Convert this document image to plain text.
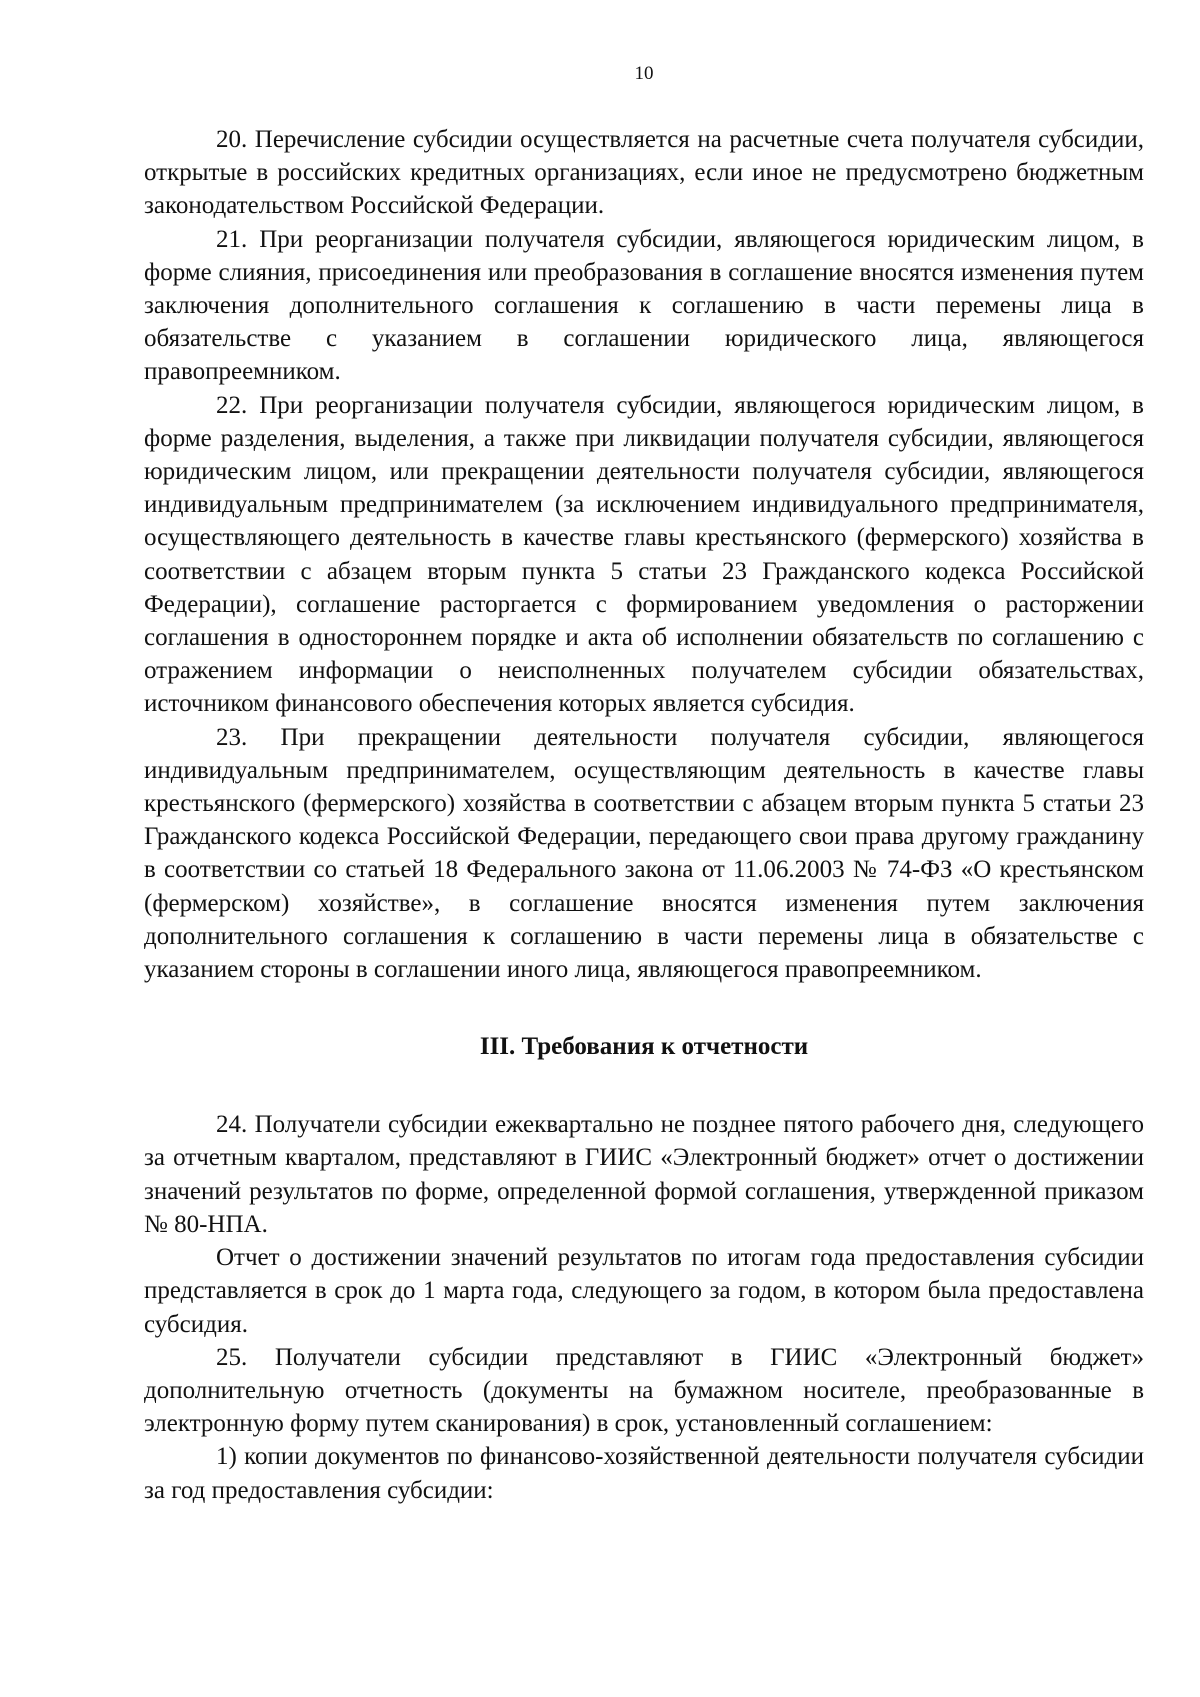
10

20. Перечисление субсидии осуществляется на расчетные счета получателя субсидии, открытые в российских кредитных организациях, если иное не предусмотрено бюджетным законодательством Российской Федерации.

21. При реорганизации получателя субсидии, являющегося юридическим лицом, в форме слияния, присоединения или преобразования в соглашение вносятся изменения путем заключения дополнительного соглашения к соглашению в части перемены лица в обязательстве с указанием в соглашении юридического лица, являющегося правопреемником.

22. При реорганизации получателя субсидии, являющегося юридическим лицом, в форме разделения, выделения, а также при ликвидации получателя субсидии, являющегося юридическим лицом, или прекращении деятельности получателя субсидии, являющегося индивидуальным предпринимателем (за исключением индивидуального предпринимателя, осуществляющего деятельность в качестве главы крестьянского (фермерского) хозяйства в соответствии с абзацем вторым пункта 5 статьи 23 Гражданского кодекса Российской Федерации), соглашение расторгается с формированием уведомления о расторжении соглашения в одностороннем порядке и акта об исполнении обязательств по соглашению с отражением информации о неисполненных получателем субсидии обязательствах, источником финансового обеспечения которых является субсидия.

23. При прекращении деятельности получателя субсидии, являющегося индивидуальным предпринимателем, осуществляющим деятельность в качестве главы крестьянского (фермерского) хозяйства в соответствии с абзацем вторым пункта 5 статьи 23 Гражданского кодекса Российской Федерации, передающего свои права другому гражданину в соответствии со статьей 18 Федерального закона от 11.06.2003 № 74-ФЗ «О крестьянском (фермерском) хозяйстве», в соглашение вносятся изменения путем заключения дополнительного соглашения к соглашению в части перемены лица в обязательстве с указанием стороны в соглашении иного лица, являющегося правопреемником.

III. Требования к отчетности

24. Получатели субсидии ежеквартально не позднее пятого рабочего дня, следующего за отчетным кварталом, представляют в ГИИС «Электронный бюджет» отчет о достижении значений результатов по форме, определенной формой соглашения, утвержденной приказом № 80-НПА.

Отчет о достижении значений результатов по итогам года предоставления субсидии представляется в срок до 1 марта года, следующего за годом, в котором была предоставлена субсидия.

25. Получатели субсидии представляют в ГИИС «Электронный бюджет» дополнительную отчетность (документы на бумажном носителе, преобразованные в электронную форму путем сканирования) в срок, установленный соглашением:

1) копии документов по финансово-хозяйственной деятельности получателя субсидии за год предоставления субсидии:
